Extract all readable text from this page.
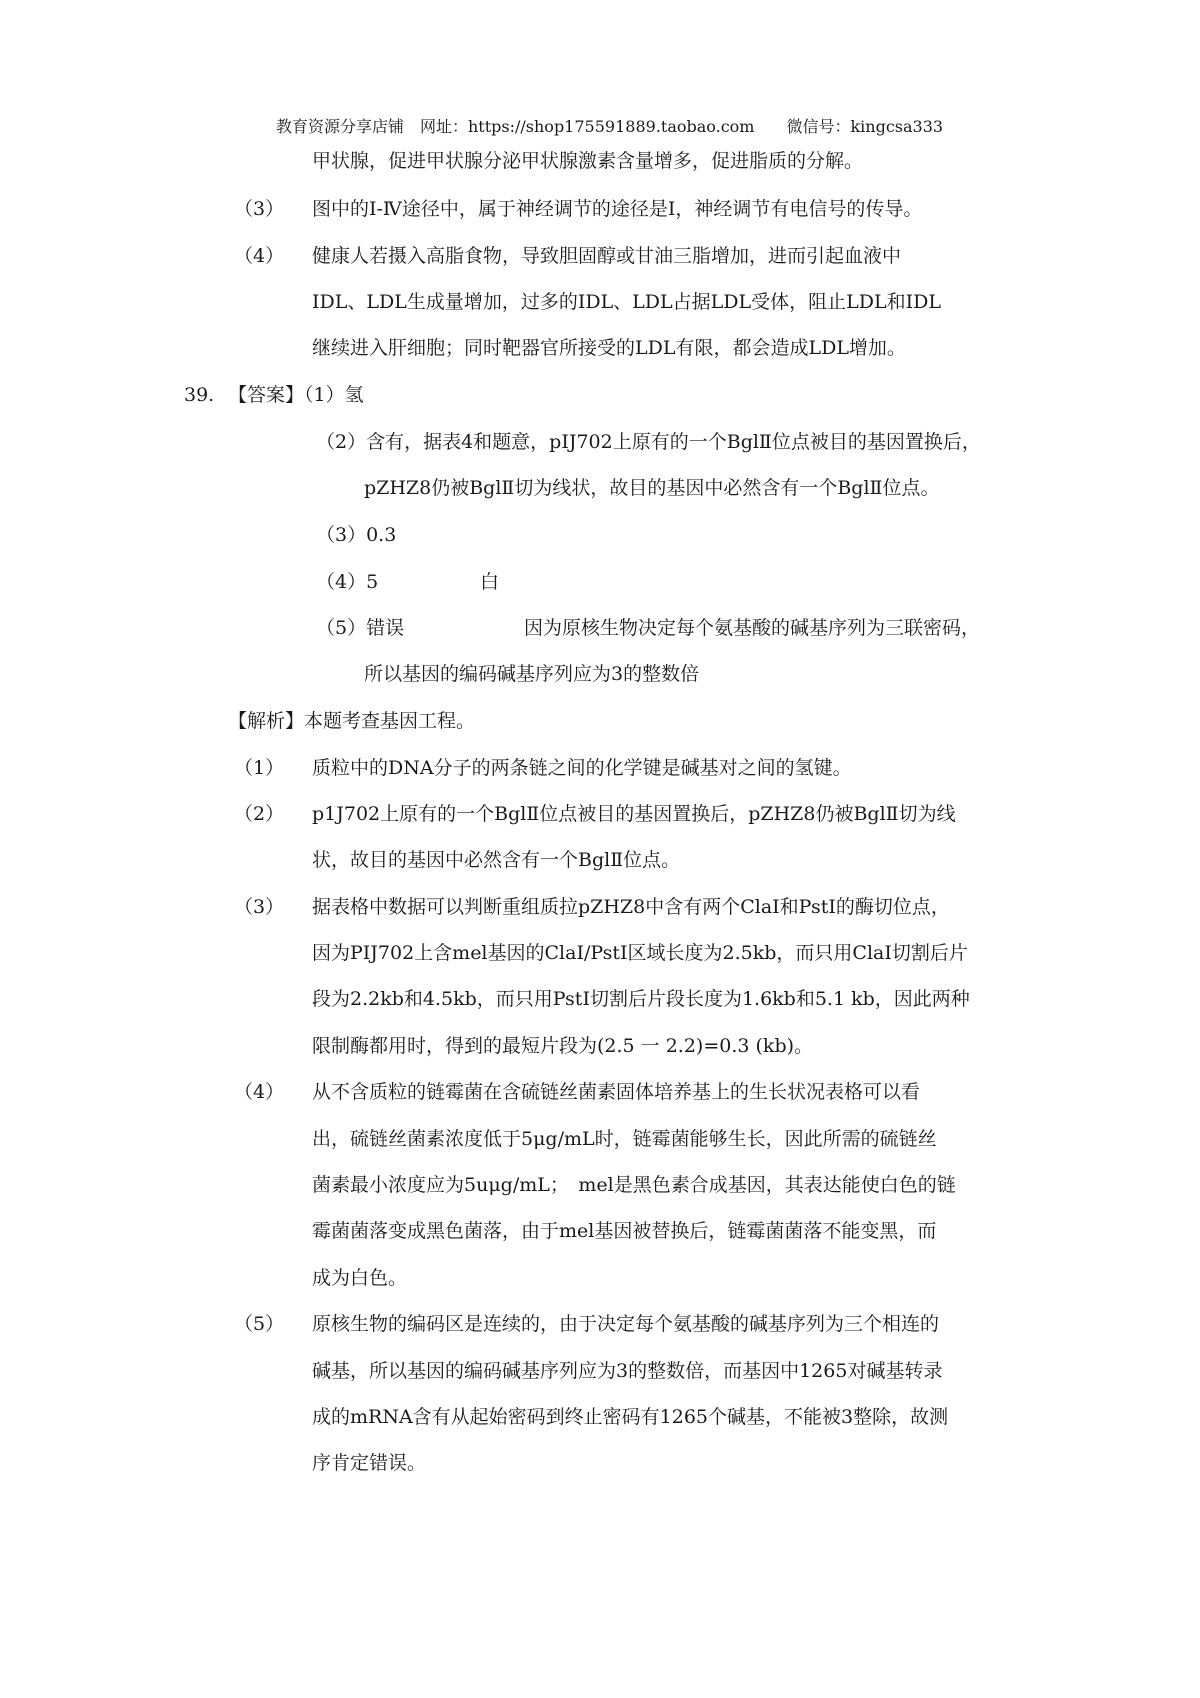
教育资源分享店铺　网址：https://shop175591889.taobao.com　　微信号：kingcsa333
甲状腺，促进甲状腺分泌甲状腺激素含量增多，促进脂质的分解。
（3） 图中的Ⅰ-Ⅳ途径中，属于神经调节的途径是Ⅰ，神经调节有电信号的传导。
（4） 健康人若摄入高脂食物，导致胆固醇或甘油三脂增加，进而引起血液中
IDL、LDL生成量增加，过多的IDL、LDL占据LDL受体，阻止LDL和IDL
继续进入肝细胞；同时靶器官所接受的LDL有限，都会造成LDL增加。
39. 【答案】（1）氢
（2）含有，据表4和题意，pIJ702上原有的一个BglⅡ位点被目的基因置换后，
pZHZ8仍被BglⅡ切为线状，故目的基因中必然含有一个BglⅡ位点。
（3）0.3
（4）5	白
（5）错误	因为原核生物决定每个氨基酸的碱基序列为三联密码，
所以基因的编码碱基序列应为3的整数倍
【解析】本题考查基因工程。
（1） 质粒中的DNA分子的两条链之间的化学键是碱基对之间的氢键。
（2） p1J702上原有的一个BglⅡ位点被目的基因置换后，pZHZ8仍被BglⅡ切为线
状，故目的基因中必然含有一个BglⅡ位点。
（3） 据表格中数据可以判断重组质拉pZHZ8中含有两个ClaI和PstI的酶切位点，
因为PIJ702上含mel基因的ClaI/PstI区域长度为2.5kb，而只用ClaI切割后片
段为2.2kb和4.5kb，而只用PstI切割后片段长度为1.6kb和5.1 kb，因此两种
限制酶都用时，得到的最短片段为(2.5 一 2.2)=0.3 (kb)。
（4） 从不含质粒的链霉菌在含硫链丝菌素固体培养基上的生长状况表格可以看
出，硫链丝菌素浓度低于5μg/mL时，链霉菌能够生长，因此所需的硫链丝
菌素最小浓度应为5uμg/mL；　mel是黑色素合成基因，其表达能使白色的链
霉菌菌落变成黑色菌落，由于mel基因被替换后，链霉菌菌落不能变黑，而
成为白色。
（5） 原核生物的编码区是连续的，由于决定每个氨基酸的碱基序列为三个相连的
碱基，所以基因的编码碱基序列应为3的整数倍，而基因中1265对碱基转录
成的mRNA含有从起始密码到终止密码有1265个碱基，不能被3整除，故测
序肯定错误。
